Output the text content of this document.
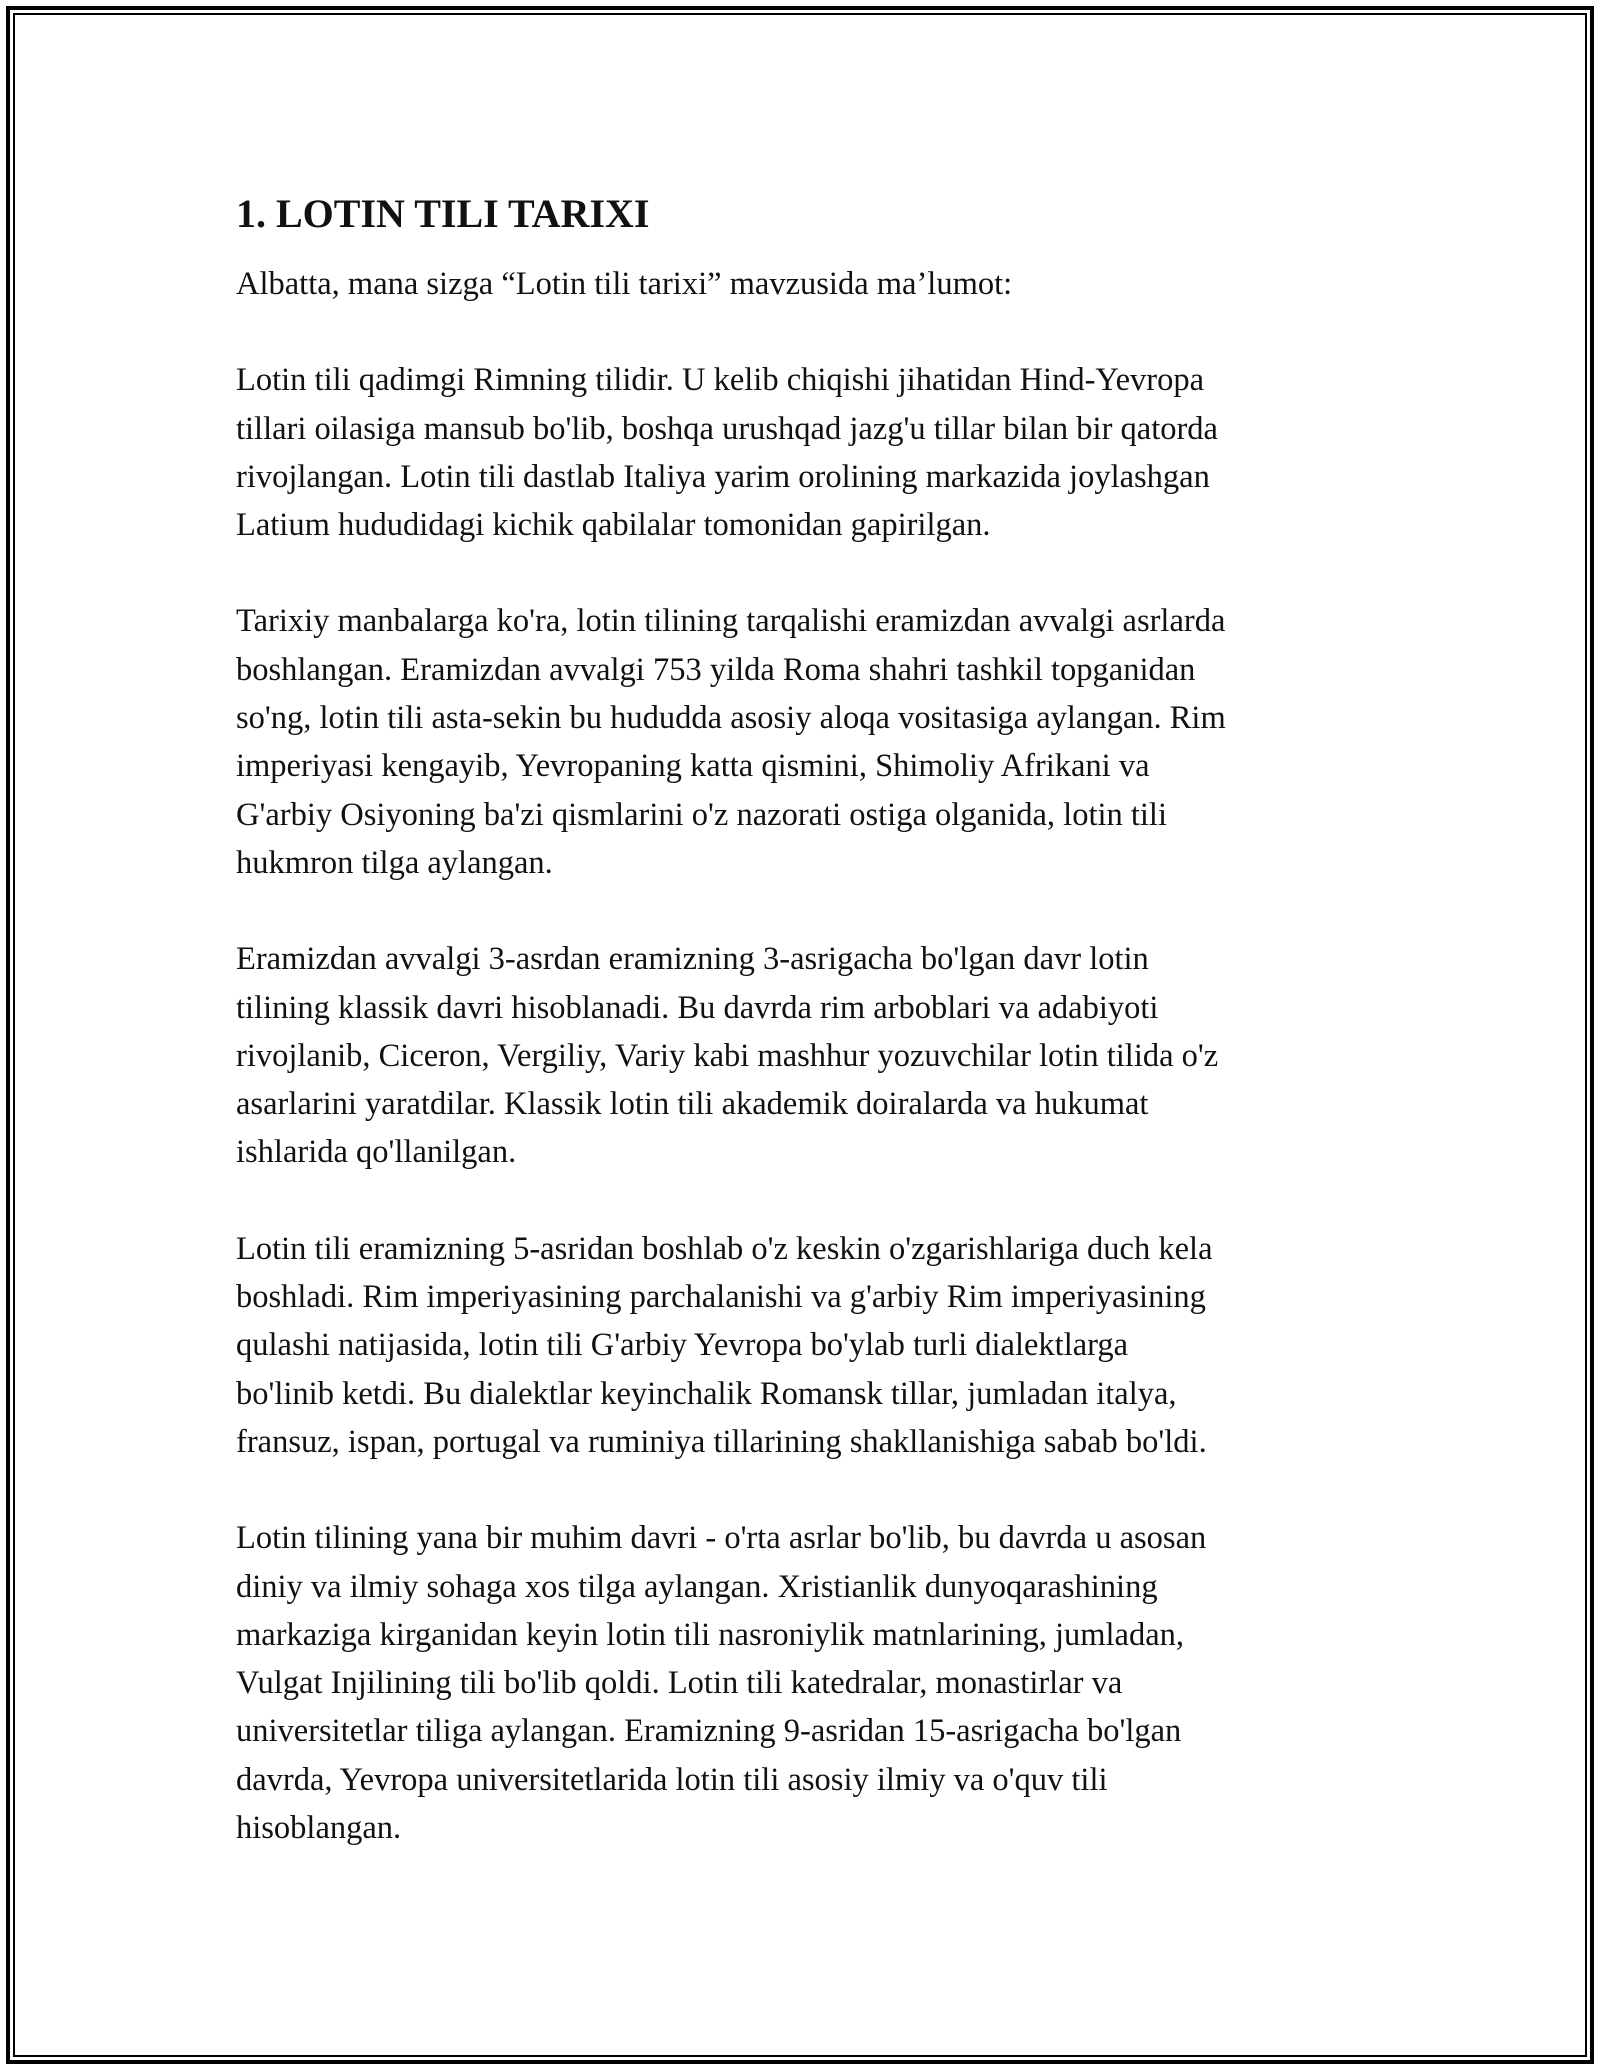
1. LOTIN TILI TARIXI

Albatta, mana sizga “Lotin tili tarixi” mavzusida ma’lumot:

Lotin tili qadimgi Rimning tilidir. U kelib chiqishi jihatidan Hind-Yevropa
tillari oilasiga mansub bo'lib, boshqa urushqad jazg'u tillar bilan bir qatorda
rivojlangan. Lotin tili dastlab Italiya yarim orolining markazida joylashgan
Latium hududidagi kichik qabilalar tomonidan gapirilgan.
Tarixiy manbalarga ko'ra, lotin tilining tarqalishi eramizdan avvalgi asrlarda
boshlangan. Eramizdan avvalgi 753 yilda Roma shahri tashkil topganidan
so'ng, lotin tili asta-sekin bu hududda asosiy aloqa vositasiga aylangan. Rim
imperiyasi kengayib, Yevropaning katta qismini, Shimoliy Afrikani va
G'arbiy Osiyoning ba'zi qismlarini o'z nazorati ostiga olganida, lotin tili
hukmron tilga aylangan.
Eramizdan avvalgi 3-asrdan eramizning 3-asrigacha bo'lgan davr lotin
tilining klassik davri hisoblanadi. Bu davrda rim arboblari va adabiyoti
rivojlanib, Ciceron, Vergiliy, Variy kabi mashhur yozuvchilar lotin tilida o'z
asarlarini yaratdilar. Klassik lotin tili akademik doiralarda va hukumat
ishlarida qo'llanilgan.
Lotin tili eramizning 5-asridan boshlab o'z keskin o'zgarishlariga duch kela
boshladi. Rim imperiyasining parchalanishi va g'arbiy Rim imperiyasining
qulashi natijasida, lotin tili G'arbiy Yevropa bo'ylab turli dialektlarga
bo'linib ketdi. Bu dialektlar keyinchalik Romansk tillar, jumladan italya,
fransuz, ispan, portugal va ruminiya tillarining shakllanishiga sabab bo'ldi.
Lotin tilining yana bir muhim davri - o'rta asrlar bo'lib, bu davrda u asosan
diniy va ilmiy sohaga xos tilga aylangan. Xristianlik dunyoqarashining
markaziga kirganidan keyin lotin tili nasroniylik matnlarining, jumladan,
Vulgat Injilining tili bo'lib qoldi. Lotin tili katedralar, monastirlar va
universitetlar tiliga aylangan. Eramizning 9-asridan 15-asrigacha bo'lgan
davrda, Yevropa universitetlarida lotin tili asosiy ilmiy va o'quv tili
hisoblangan.
